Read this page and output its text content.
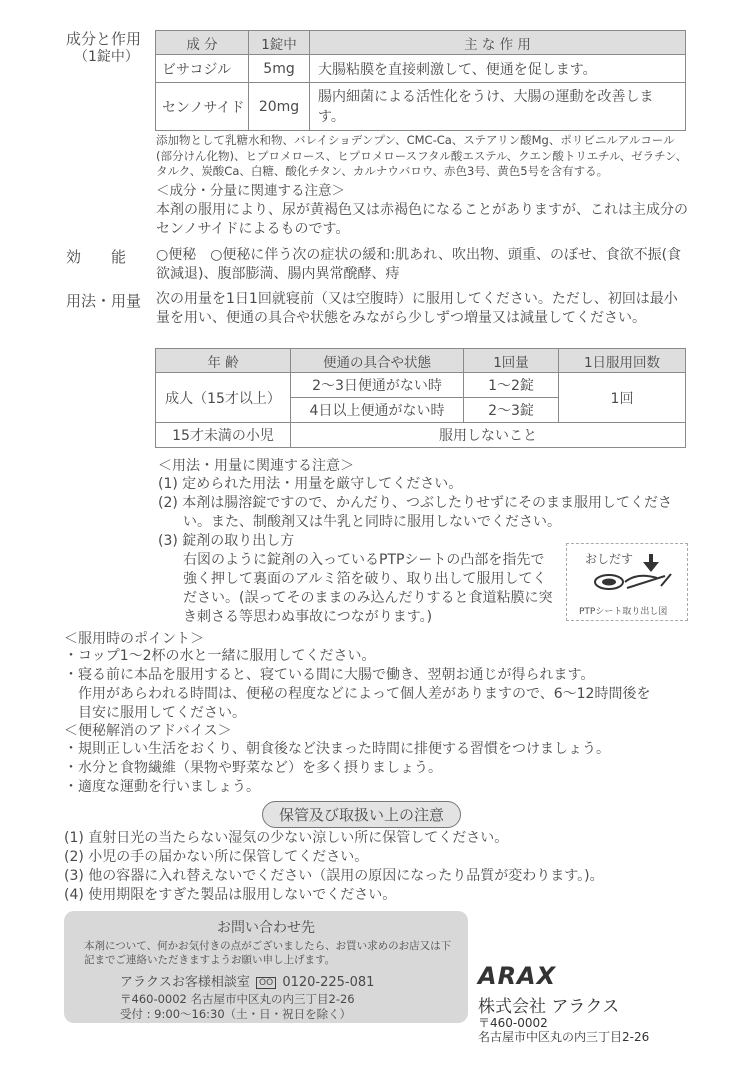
成分と作用
（1錠中）
成 分	1錠中	主 な 作 用
ビサコジル	5mg	大腸粘膜を直接刺激して、便通を促します。
センノサイド	20mg	腸内細菌による活性化をうけ、大腸の運動を改善します。
添加物として乳糖水和物、バレイショデンプン、CMC-Ca、ステアリン酸Mg、ポリビニルアルコール(部分けん化物)、ヒプロメロース、ヒプロメロースフタル酸エステル、クエン酸トリエチル、ゼラチン、タルク、炭酸Ca、白糖、酸化チタン、カルナウバロウ、赤色3号、黄色5号を含有する。
＜成分・分量に関連する注意＞
本剤の服用により、尿が黄褐色又は赤褐色になることがありますが、これは主成分のセンノサイドによるものです。
効　　能 ○便秘　○便秘に伴う次の症状の緩和:肌あれ、吹出物、頭重、のぼせ、食欲不振(食欲減退)、腹部膨満、腸内異常醗酵、痔
用法・用量 次の用量を1日1回就寝前（又は空腹時）に服用してください。ただし、初回は最小量を用い、便通の具合や状態をみながら少しずつ増量又は減量してください。
年 齢	便通の具合や状態	1回量	1日服用回数
成人（15才以上）	2〜3日便通がない時	1〜2錠	1回
	4日以上便通がない時	2〜3錠	
15才未満の小児	服用しないこと		
＜用法・用量に関連する注意＞
(1) 定められた用法・用量を厳守してください。
(2) 本剤は腸溶錠ですので、かんだり、つぶしたりせずにそのまま服用してください。また、制酸剤又は牛乳と同時に服用しないでください。
(3) 錠剤の取り出し方
右図のように錠剤の入っているPTPシートの凸部を指先で強く押して裏面のアルミ箔を破り、取り出して服用してください。(誤ってそのままのみ込んだりすると食道粘膜に突き刺さる等思わぬ事故につながります。)
おしだす
PTPシート取り出し図
＜服用時のポイント＞
・コップ1〜2杯の水と一緒に服用してください。
・寝る前に本品を服用すると、寝ている間に大腸で働き、翌朝お通じが得られます。
　作用があらわれる時間は、便秘の程度などによって個人差がありますので、6〜12時間後を
　目安に服用してください。
＜便秘解消のアドバイス＞
・規則正しい生活をおくり、朝食後など決まった時間に排便する習慣をつけましょう。
・水分と食物繊維（果物や野菜など）を多く摂りましょう。
・適度な運動を行いましょう。
保管及び取扱い上の注意
(1) 直射日光の当たらない湿気の少ない涼しい所に保管してください。
(2) 小児の手の届かない所に保管してください。
(3) 他の容器に入れ替えないでください（誤用の原因になったり品質が変わります。)。
(4) 使用期限をすぎた製品は服用しないでください。
お問い合わせ先
本剤について、何かお気付きの点がございましたら、お買い求めのお店又は下記までご連絡いただきますようお願い申し上げます。
アラクスお客様相談室 OO 0120-225-081
〒460-0002 名古屋市中区丸の内三丁目2-26
受付 : 9:00〜16:30（土・日・祝日を除く）
ARAX
株式会社 アラクス
〒460-0002
名古屋市中区丸の内三丁目2-26
